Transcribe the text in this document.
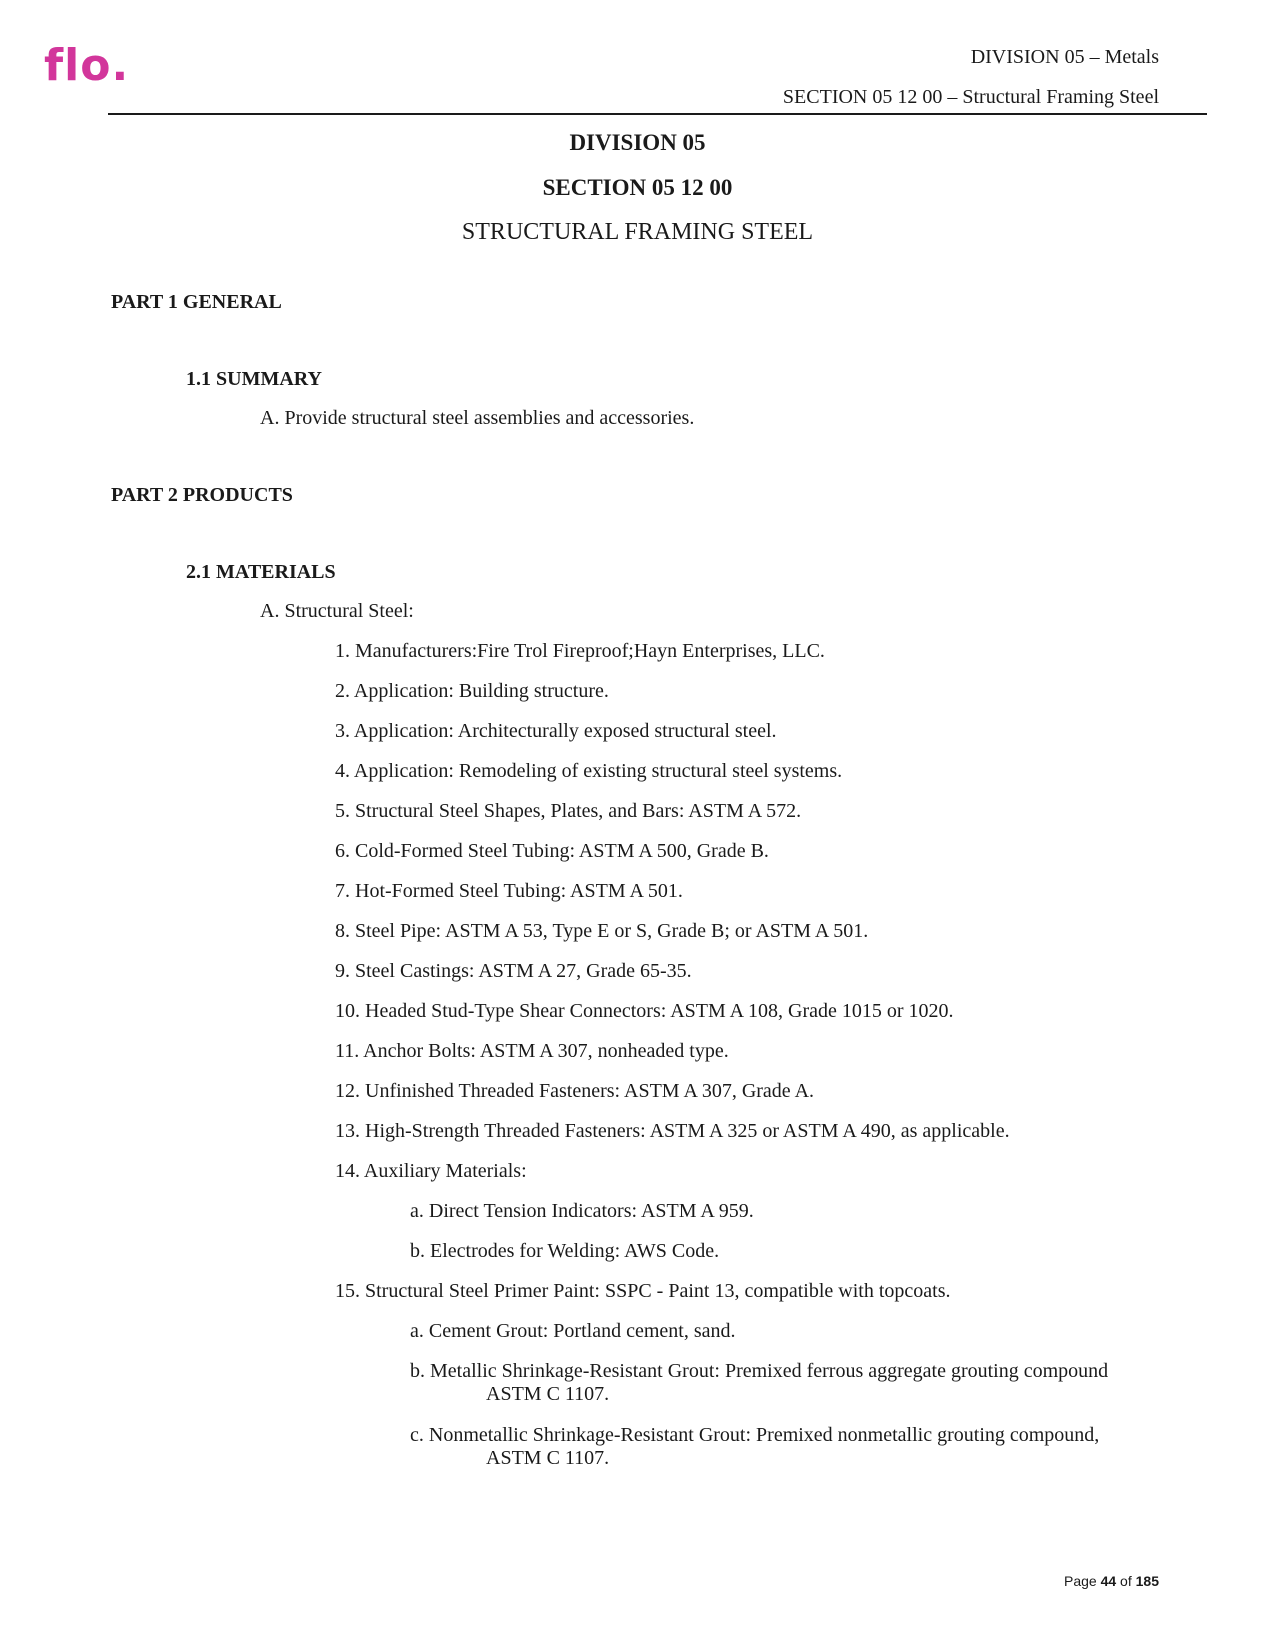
flo.	DIVISION 05 – Metals
SECTION 05 12 00 – Structural Framing Steel
DIVISION 05
SECTION 05 12 00
STRUCTURAL FRAMING STEEL
PART 1 GENERAL
1.1 SUMMARY
A. Provide structural steel assemblies and accessories.
PART 2 PRODUCTS
2.1 MATERIALS
A. Structural Steel:
1. Manufacturers:Fire Trol Fireproof;Hayn Enterprises, LLC.
2. Application: Building structure.
3. Application: Architecturally exposed structural steel.
4. Application: Remodeling of existing structural steel systems.
5. Structural Steel Shapes, Plates, and Bars: ASTM A 572.
6. Cold-Formed Steel Tubing: ASTM A 500, Grade B.
7. Hot-Formed Steel Tubing: ASTM A 501.
8. Steel Pipe: ASTM A 53, Type E or S, Grade B; or ASTM A 501.
9. Steel Castings: ASTM A 27, Grade 65-35.
10. Headed Stud-Type Shear Connectors: ASTM A 108, Grade 1015 or 1020.
11. Anchor Bolts: ASTM A 307, nonheaded type.
12. Unfinished Threaded Fasteners: ASTM A 307, Grade A.
13. High-Strength Threaded Fasteners: ASTM A 325 or ASTM A 490, as applicable.
14. Auxiliary Materials:
a. Direct Tension Indicators: ASTM A 959.
b. Electrodes for Welding: AWS Code.
15. Structural Steel Primer Paint: SSPC - Paint 13, compatible with topcoats.
a. Cement Grout: Portland cement, sand.
b. Metallic Shrinkage-Resistant Grout: Premixed ferrous aggregate grouting compound
ASTM C 1107.
c. Nonmetallic Shrinkage-Resistant Grout: Premixed nonmetallic grouting compound,
ASTM C 1107.
Page 44 of 185
